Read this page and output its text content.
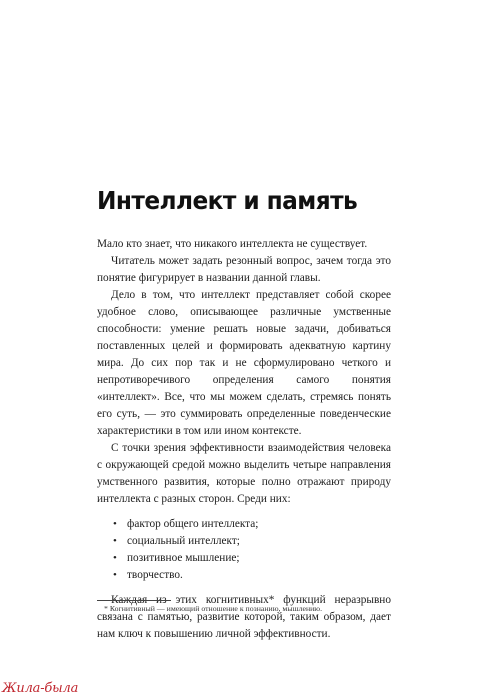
Интеллект и память

Мало кто знает, что никакого интеллекта не существует.

Читатель может задать резонный вопрос, зачем тогда это понятие фигурирует в названии данной главы.

Дело в том, что интеллект представляет собой скорее удобное слово, описывающее различные умственные способности: умение решать новые задачи, добиваться поставленных целей и формировать адекватную картину мира. До сих пор так и не сформулировано четкого и непротиворечивого определения самого понятия «интеллект». Все, что мы можем сделать, стремясь понять его суть, — это суммировать определенные поведенческие характеристики в том или ином контексте.

С точки зрения эффективности взаимодействия человека с окружающей средой можно выделить четыре направления умственного развития, которые полно отражают природу интеллекта с разных сторон. Среди них:

• фактор общего интеллекта;
• социальный интеллект;
• позитивное мышление;
• творчество.

Каждая из этих когнитивных* функций неразрывно связана с памятью, развитие которой, таким образом, дает нам ключ к повышению личной эффективности.

* Когнитивный — имеющий отношение к познанию, мышлению.
Жила-была
